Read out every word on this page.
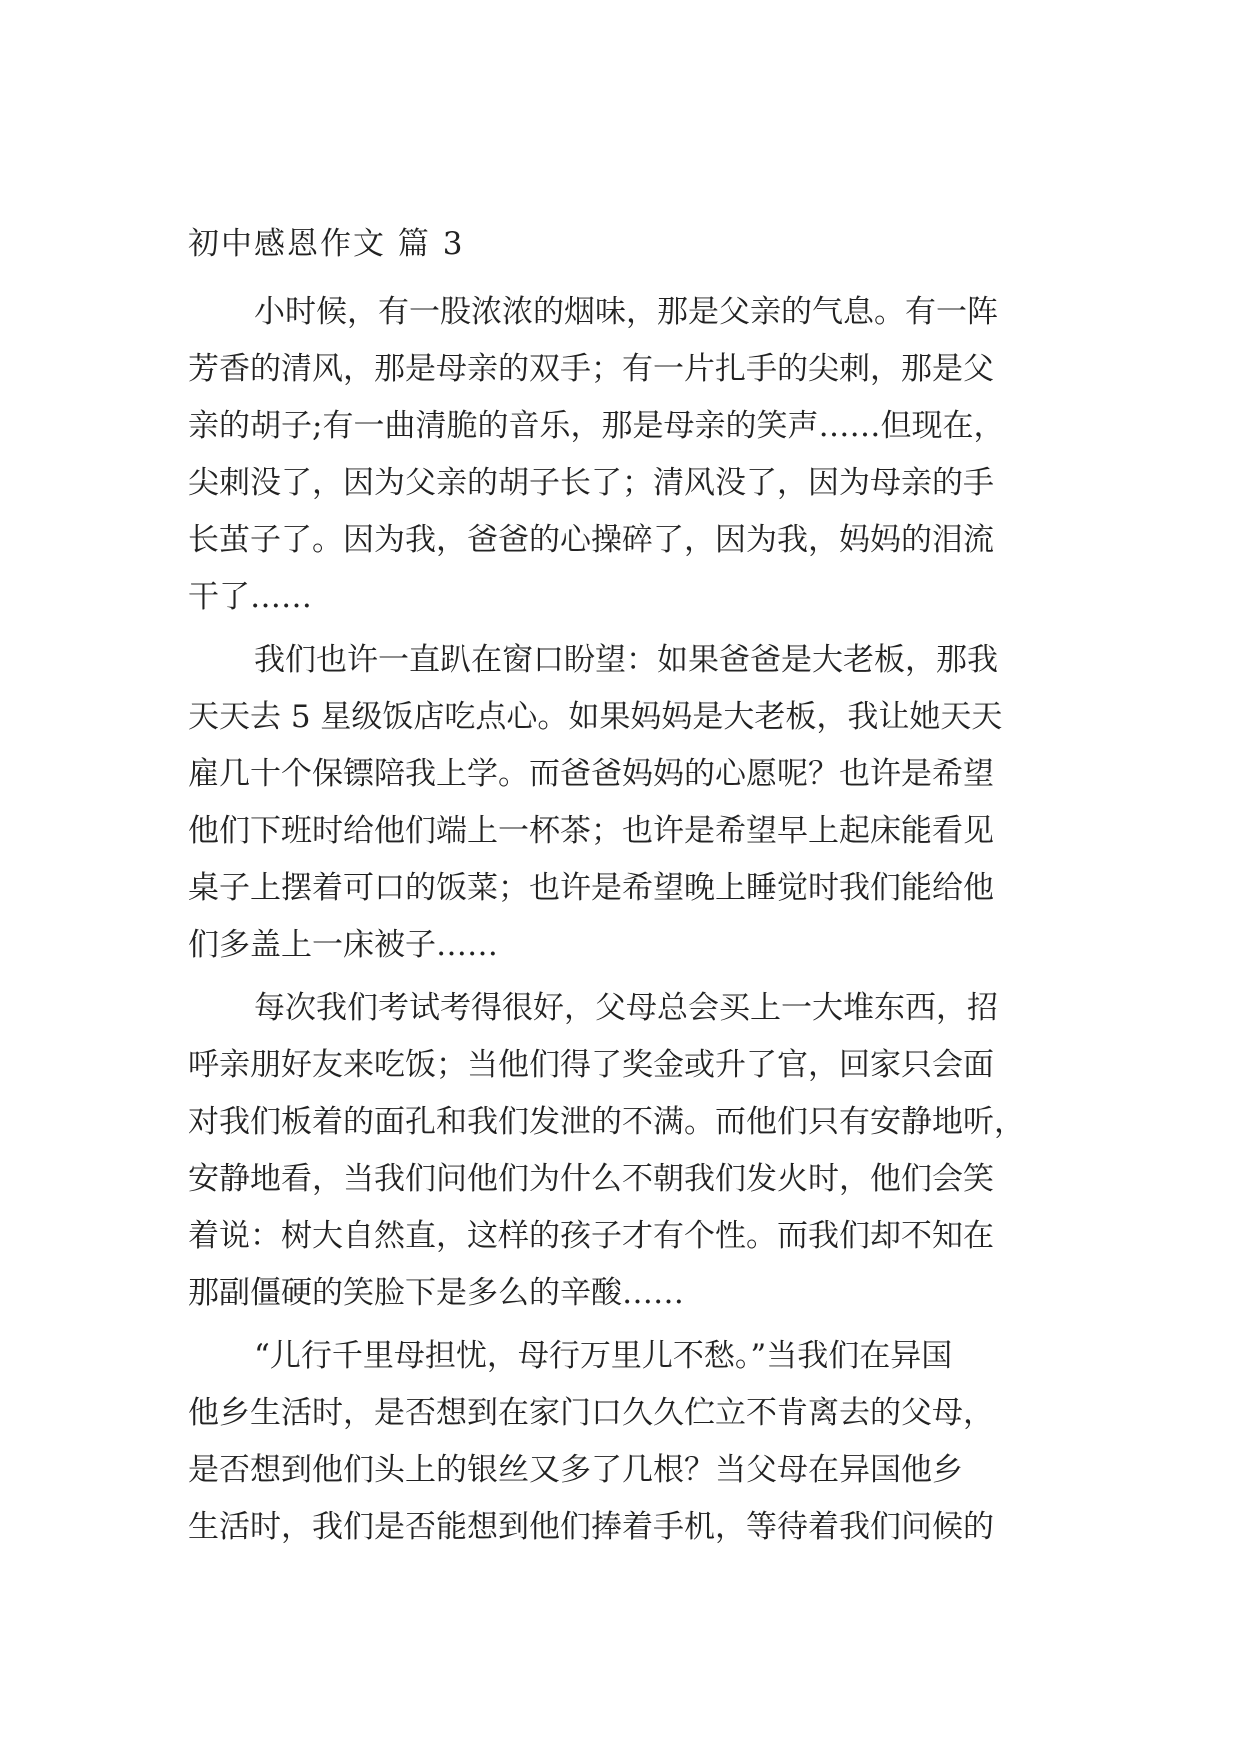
初中感恩作文 篇 3

小时候，有一股浓浓的烟味，那是父亲的气息。有一阵

芳香的清风，那是母亲的双手；有一片扎手的尖刺，那是父

亲的胡子;有一曲清脆的音乐，那是母亲的笑声……但现在，

尖刺没了，因为父亲的胡子长了；清风没了，因为母亲的手

长茧子了。因为我，爸爸的心操碎了，因为我，妈妈的泪流

干了……

我们也许一直趴在窗口盼望：如果爸爸是大老板，那我

天天去 5 星级饭店吃点心。如果妈妈是大老板，我让她天天

雇几十个保镖陪我上学。而爸爸妈妈的心愿呢？也许是希望

他们下班时给他们端上一杯茶；也许是希望早上起床能看见

桌子上摆着可口的饭菜；也许是希望晚上睡觉时我们能给他

们多盖上一床被子……

每次我们考试考得很好，父母总会买上一大堆东西，招

呼亲朋好友来吃饭；当他们得了奖金或升了官，回家只会面

对我们板着的面孔和我们发泄的不满。而他们只有安静地听，

安静地看，当我们问他们为什么不朝我们发火时，他们会笑

着说：树大自然直，这样的孩子才有个性。而我们却不知在

那副僵硬的笑脸下是多么的辛酸……

“儿行千里母担忧，母行万里儿不愁。”当我们在异国

他乡生活时，是否想到在家门口久久伫立不肯离去的父母，

是否想到他们头上的银丝又多了几根？当父母在异国他乡

生活时，我们是否能想到他们捧着手机，等待着我们问候的
